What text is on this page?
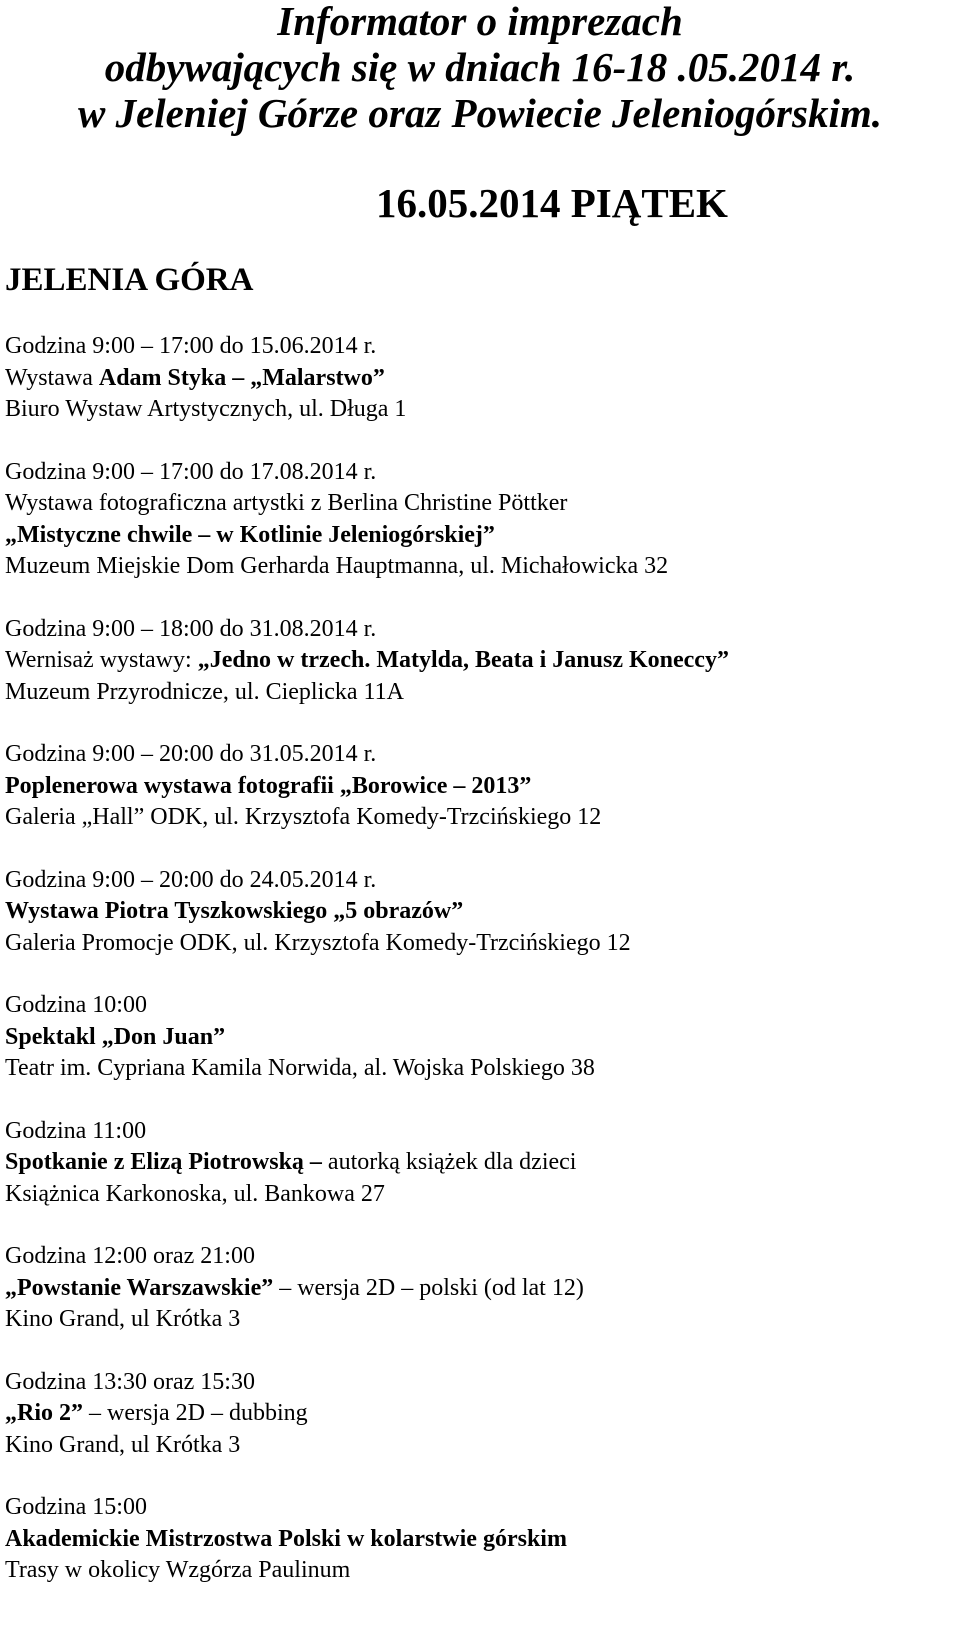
Informator o imprezach
odbywających się w dniach 16-18 .05.2014 r.
w Jeleniej Górze oraz Powiecie Jeleniogórskim.
16.05.2014 PIĄTEK
JELENIA GÓRA

Godzina 9:00 – 17:00 do 15.06.2014 r.

Wystawa Adam Styka – „Malarstwo”

Biuro Wystaw Artystycznych, ul. Długa 1

Godzina 9:00 – 17:00 do 17.08.2014 r.

Wystawa fotograficzna artystki z Berlina Christine Pöttker

„Mistyczne chwile – w Kotlinie Jeleniogórskiej”

Muzeum Miejskie Dom Gerharda Hauptmanna, ul. Michałowicka 32

Godzina 9:00 – 18:00 do 31.08.2014 r.

Wernisaż wystawy: „Jedno w trzech. Matylda, Beata i Janusz Koneccy”

Muzeum Przyrodnicze, ul. Cieplicka 11A

Godzina 9:00 – 20:00 do 31.05.2014 r.

Poplenerowa wystawa fotografii „Borowice – 2013”

Galeria „Hall” ODK, ul. Krzysztofa Komedy-Trzcińskiego 12

Godzina 9:00 – 20:00 do 24.05.2014 r.

Wystawa Piotra Tyszkowskiego „5 obrazów”

Galeria Promocje ODK, ul. Krzysztofa Komedy-Trzcińskiego 12

Godzina 10:00

Spektakl „Don Juan”

Teatr im. Cypriana Kamila Norwida, al. Wojska Polskiego 38

Godzina 11:00

Spotkanie z Elizą Piotrowską – autorką książek dla dzieci

Książnica Karkonoska, ul. Bankowa 27

Godzina 12:00 oraz 21:00

„Powstanie Warszawskie” – wersja 2D – polski (od lat 12)

Kino Grand, ul Krótka 3

Godzina 13:30 oraz 15:30

„Rio 2” – wersja 2D – dubbing

Kino Grand, ul Krótka 3

Godzina 15:00

Akademickie Mistrzostwa Polski w kolarstwie górskim

Trasy w okolicy Wzgórza Paulinum
